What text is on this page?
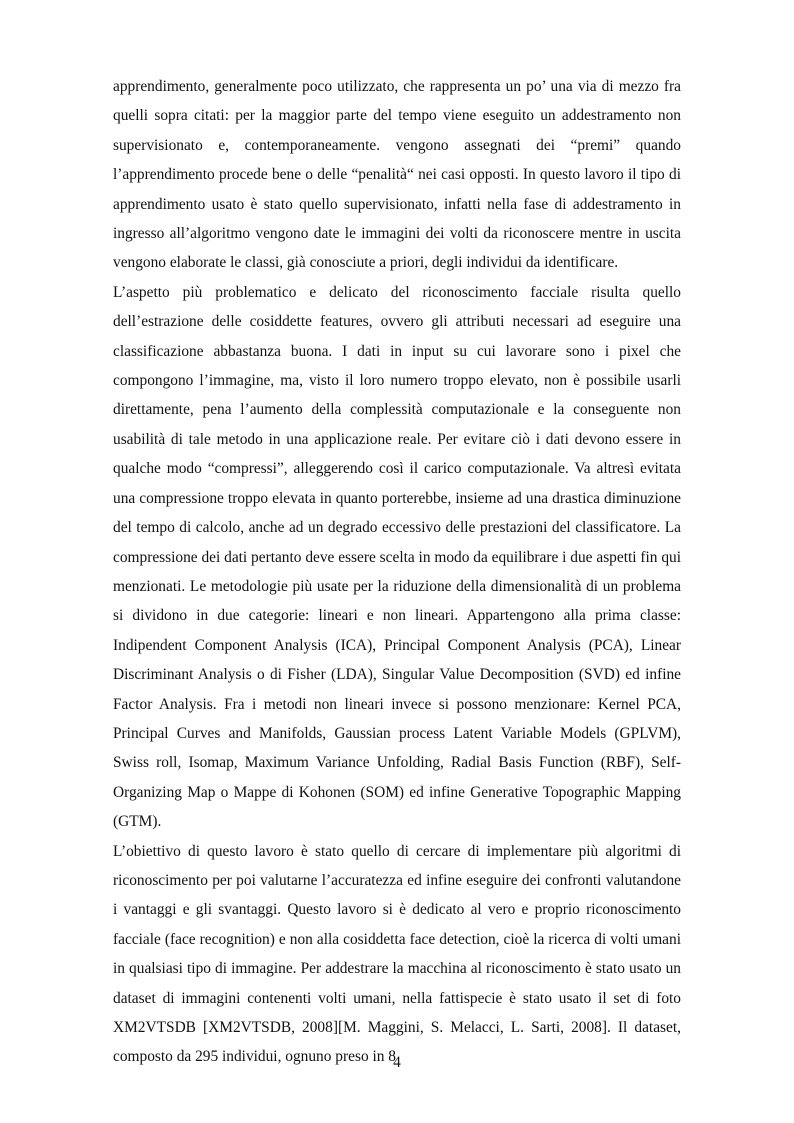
apprendimento, generalmente poco utilizzato, che rappresenta un po’ una via di mezzo fra quelli sopra citati: per la maggior parte del tempo viene eseguito un addestramento non supervisionato e, contemporaneamente. vengono assegnati dei “premi” quando l’apprendimento procede bene o delle “penalità“ nei casi opposti. In questo lavoro il tipo di apprendimento usato è stato quello supervisionato, infatti nella fase di addestramento in ingresso all’algoritmo vengono date le immagini dei volti da riconoscere mentre in uscita vengono elaborate le classi, già conosciute a priori, degli individui da identificare.

L’aspetto più problematico e delicato del riconoscimento facciale risulta quello dell’estrazione delle cosiddette features, ovvero gli attributi necessari ad eseguire una classificazione abbastanza buona. I dati in input su cui lavorare sono i pixel che compongono l’immagine, ma, visto il loro numero troppo elevato, non è possibile usarli direttamente, pena l’aumento della complessità computazionale e la conseguente non usabilità di tale metodo in una applicazione reale. Per evitare ciò i dati devono essere in qualche modo “compressi”, alleggerendo così il carico computazionale. Va altresì evitata una compressione troppo elevata in quanto porterebbe, insieme ad una drastica diminuzione del tempo di calcolo, anche ad un degrado eccessivo delle prestazioni del classificatore. La compressione dei dati pertanto deve essere scelta in modo da equilibrare i due aspetti fin qui menzionati. Le metodologie più usate per la riduzione della dimensionalità di un problema si dividono in due categorie: lineari e non lineari. Appartengono alla prima classe: Indipendent Component Analysis (ICA), Principal Component Analysis (PCA), Linear Discriminant Analysis o di Fisher (LDA), Singular Value Decomposition (SVD) ed infine Factor Analysis. Fra i metodi non lineari invece si possono menzionare: Kernel PCA, Principal Curves and Manifolds, Gaussian process Latent Variable Models (GPLVM), Swiss roll, Isomap, Maximum Variance Unfolding, Radial Basis Function (RBF), Self-Organizing Map o Mappe di Kohonen (SOM) ed infine Generative Topographic Mapping (GTM).

L’obiettivo di questo lavoro è stato quello di cercare di implementare più algoritmi di riconoscimento per poi valutarne l’accuratezza ed infine eseguire dei confronti valutandone i vantaggi e gli svantaggi. Questo lavoro si è dedicato al vero e proprio riconoscimento facciale (face recognition) e non alla cosiddetta face detection, cioè la ricerca di volti umani in qualsiasi tipo di immagine. Per addestrare la macchina al riconoscimento è stato usato un dataset di immagini contenenti volti umani, nella fattispecie è stato usato il set di foto XM2VTSDB [XM2VTSDB, 2008][M. Maggini, S. Melacci, L. Sarti, 2008]. Il dataset, composto da 295 individui, ognuno preso in 8

4
